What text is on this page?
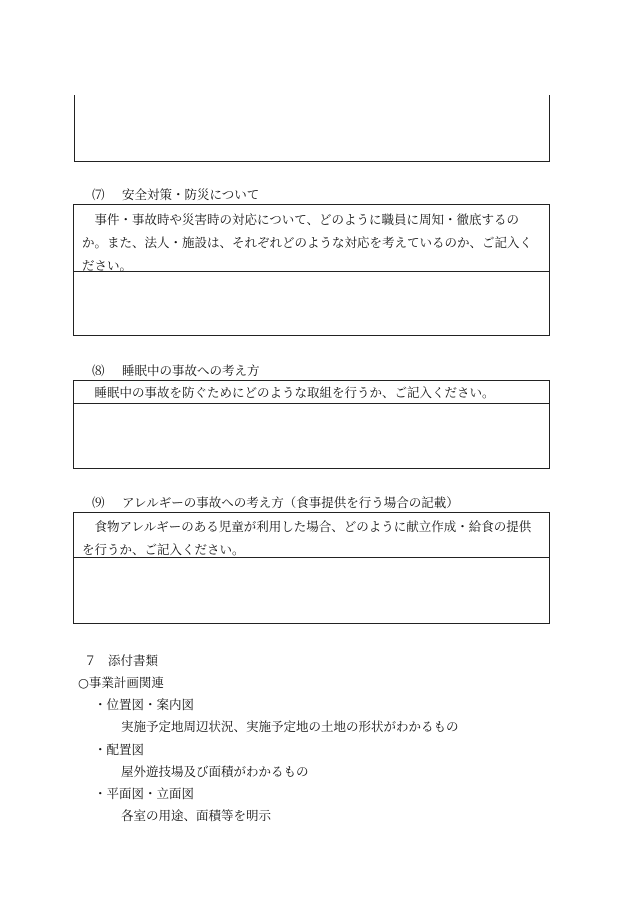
⑺ 安全対策・防災について
事件・事故時や災害時の対応について、どのように職員に周知・徹底するのか。また、法人・施設は、それぞれどのような対応を考えているのか、ご記入ください。
⑻ 睡眠中の事故への考え方
睡眠中の事故を防ぐためにどのような取組を行うか、ご記入ください。
⑼ アレルギーの事故への考え方（食事提供を行う場合の記載）
食物アレルギーのある児童が利用した場合、どのように献立作成・給食の提供を行うか、ご記入ください。
７ 添付書類
○事業計画関連
・位置図・案内図
実施予定地周辺状況、実施予定地の土地の形状がわかるもの
・配置図
屋外遊技場及び面積がわかるもの
・平面図・立面図
各室の用途、面積等を明示
